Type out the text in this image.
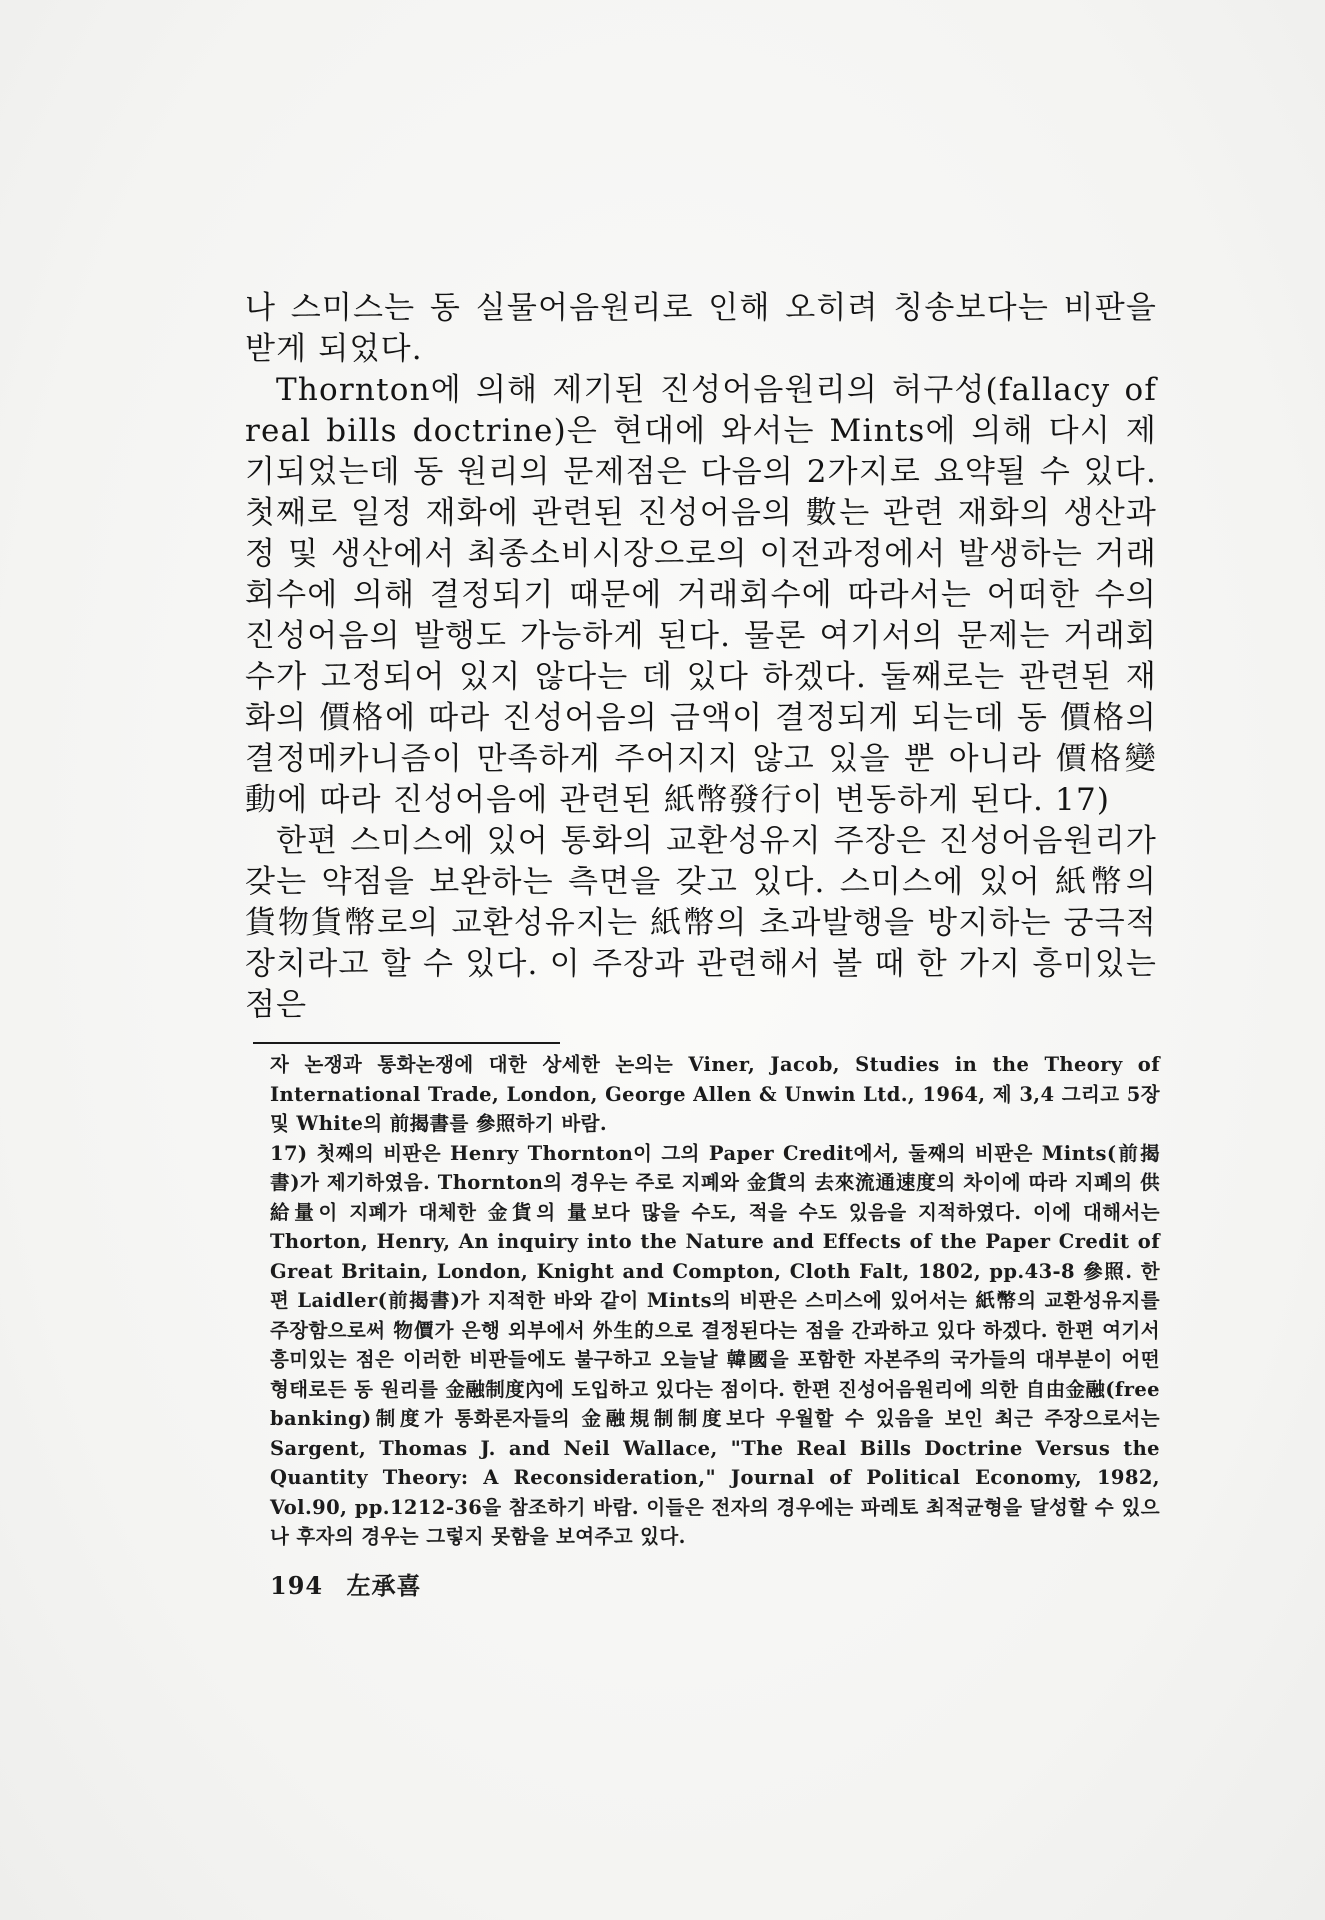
나 스미스는 동 실물어음원리로 인해 오히려 칭송보다는 비판을 받게 되었다.

Thornton에 의해 제기된 진성어음원리의 허구성(fallacy of real bills doctrine)은 현대에 와서는 Mints에 의해 다시 제기되었는데 동 원리의 문제점은 다음의 2가지로 요약될 수 있다. 첫째로 일정 재화에 관련된 진성어음의 數는 관련 재화의 생산과정 및 생산에서 최종소비시장으로의 이전과정에서 발생하는 거래회수에 의해 결정되기 때문에 거래회수에 따라서는 어떠한 수의 진성어음의 발행도 가능하게 된다. 물론 여기서의 문제는 거래회수가 고정되어 있지 않다는 데 있다 하겠다. 둘째로는 관련된 재화의 價格에 따라 진성어음의 금액이 결정되게 되는데 동 價格의 결정메카니즘이 만족하게 주어지지 않고 있을 뿐 아니라 價格變動에 따라 진성어음에 관련된 紙幣發行이 변동하게 된다. 17)

한편 스미스에 있어 통화의 교환성유지 주장은 진성어음원리가 갖는 약점을 보완하는 측면을 갖고 있다. 스미스에 있어 紙幣의 貨物貨幣로의 교환성유지는 紙幣의 초과발행을 방지하는 궁극적 장치라고 할 수 있다. 이 주장과 관련해서 볼 때 한 가지 흥미있는 점은

자 논쟁과 통화논쟁에 대한 상세한 논의는 Viner, Jacob, Studies in the Theory of International Trade, London, George Allen & Unwin Ltd., 1964, 제 3,4 그리고 5장 및 White의 前揭書를 參照하기 바람.

17) 첫째의 비판은 Henry Thornton이 그의 Paper Credit에서, 둘째의 비판은 Mints(前揭書)가 제기하였음. Thornton의 경우는 주로 지폐와 金貨의 去來流通速度의 차이에 따라 지폐의 供給量이 지폐가 대체한 金貨의 量보다 많을 수도, 적을 수도 있음을 지적하였다. 이에 대해서는 Thorton, Henry, An inquiry into the Nature and Effects of the Paper Credit of Great Britain, London, Knight and Compton, Cloth Falt, 1802, pp.43-8 參照. 한편 Laidler(前揭書)가 지적한 바와 같이 Mints의 비판은 스미스에 있어서는 紙幣의 교환성유지를 주장함으로써 物價가 은행 외부에서 外生的으로 결정된다는 점을 간과하고 있다 하겠다. 한편 여기서 흥미있는 점은 이러한 비판들에도 불구하고 오늘날 韓國을 포함한 자본주의 국가들의 대부분이 어떤 형태로든 동 원리를 金融制度內에 도입하고 있다는 점이다. 한편 진성어음원리에 의한 自由金融(free banking)制度가 통화론자들의 金融規制制度보다 우월할 수 있음을 보인 최근 주장으로서는 Sargent, Thomas J. and Neil Wallace, "The Real Bills Doctrine Versus the Quantity Theory: A Reconsideration," Journal of Political Economy, 1982, Vol.90, pp.1212-36을 참조하기 바람. 이들은 전자의 경우에는 파레토 최적균형을 달성할 수 있으나 후자의 경우는 그렇지 못함을 보여주고 있다.

194 左承喜
